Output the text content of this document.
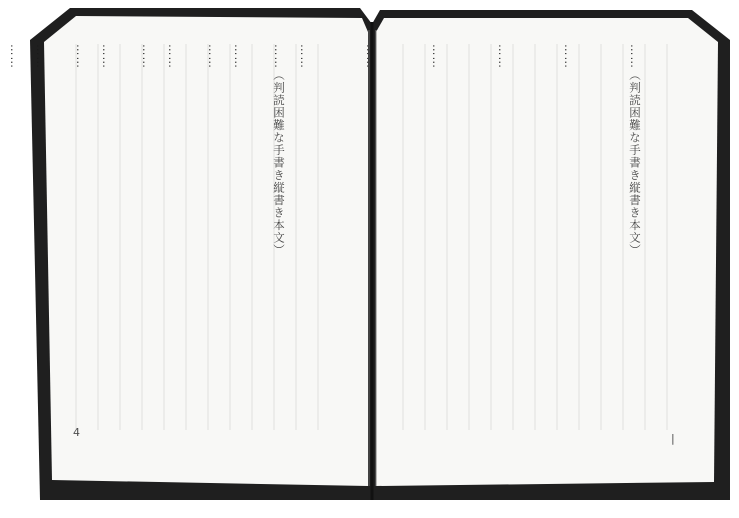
……（判読困難な手書き縦書き本文）

……

……

……

……

……

……

……

……

……

	……（判読困難な手書き縦書き本文）

……

……

……

……

4	|
